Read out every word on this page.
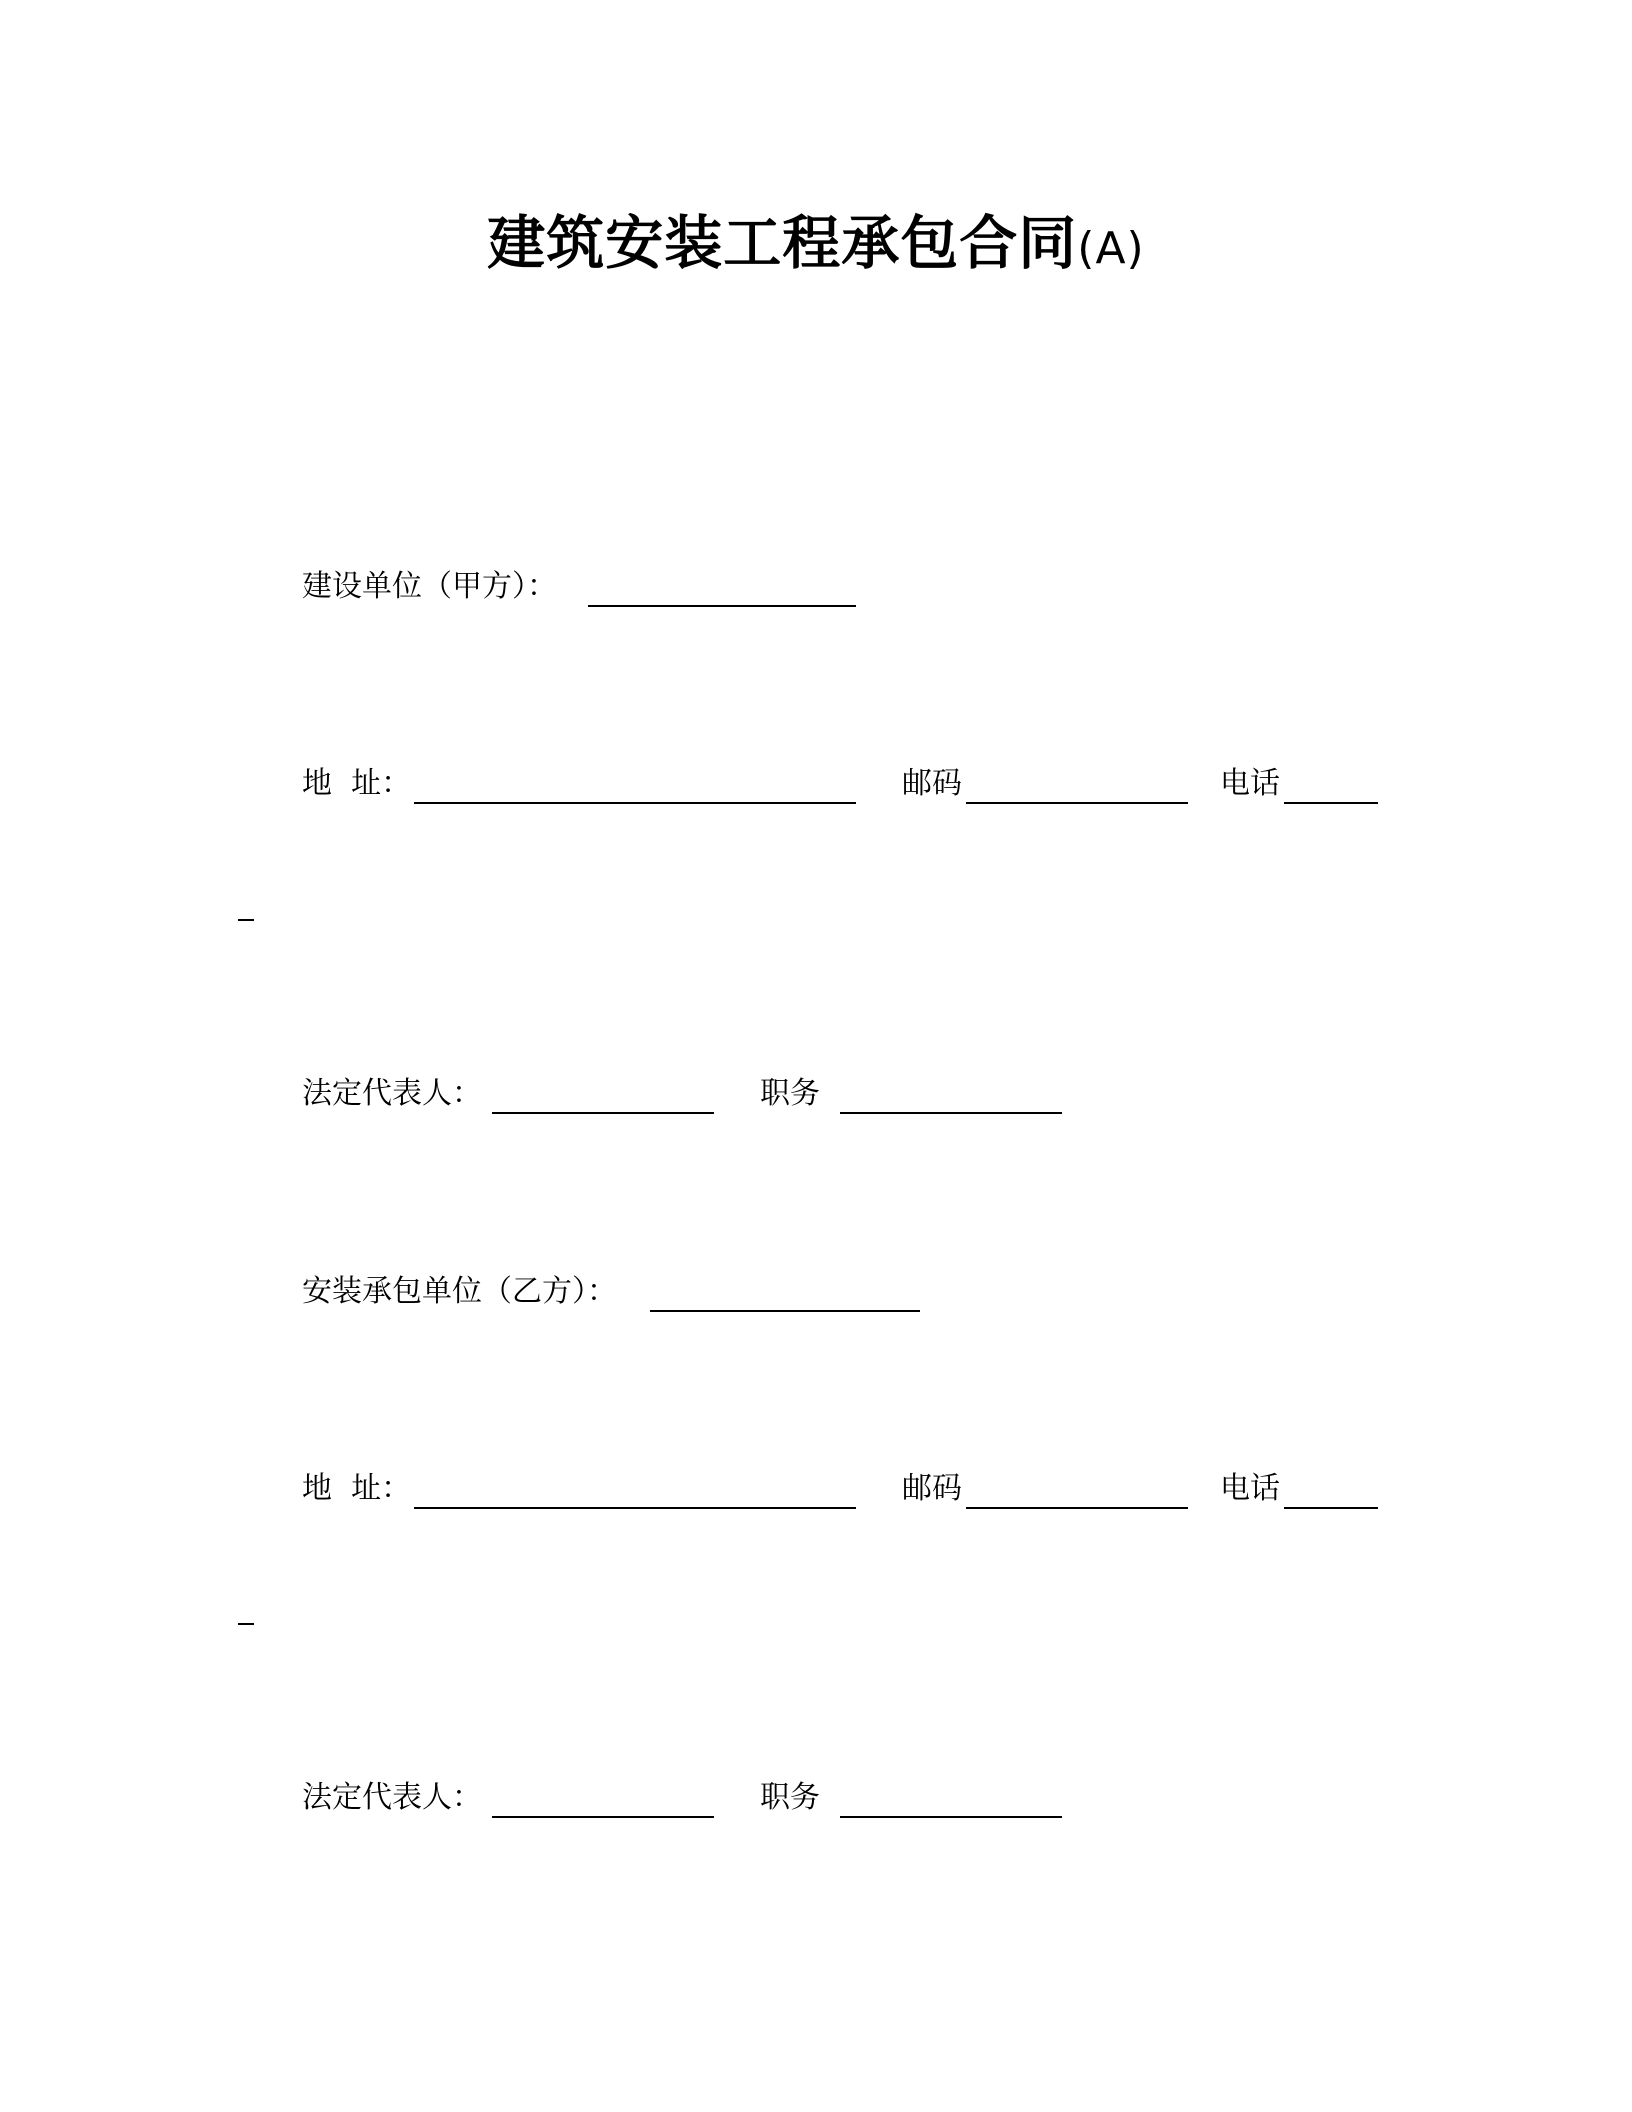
建筑安装工程承包合同(A)
建设单位（甲方）：
地  址：	邮码	电话
法定代表人：	职务
安装承包单位（乙方）：
地  址：	邮码	电话
法定代表人：	职务
